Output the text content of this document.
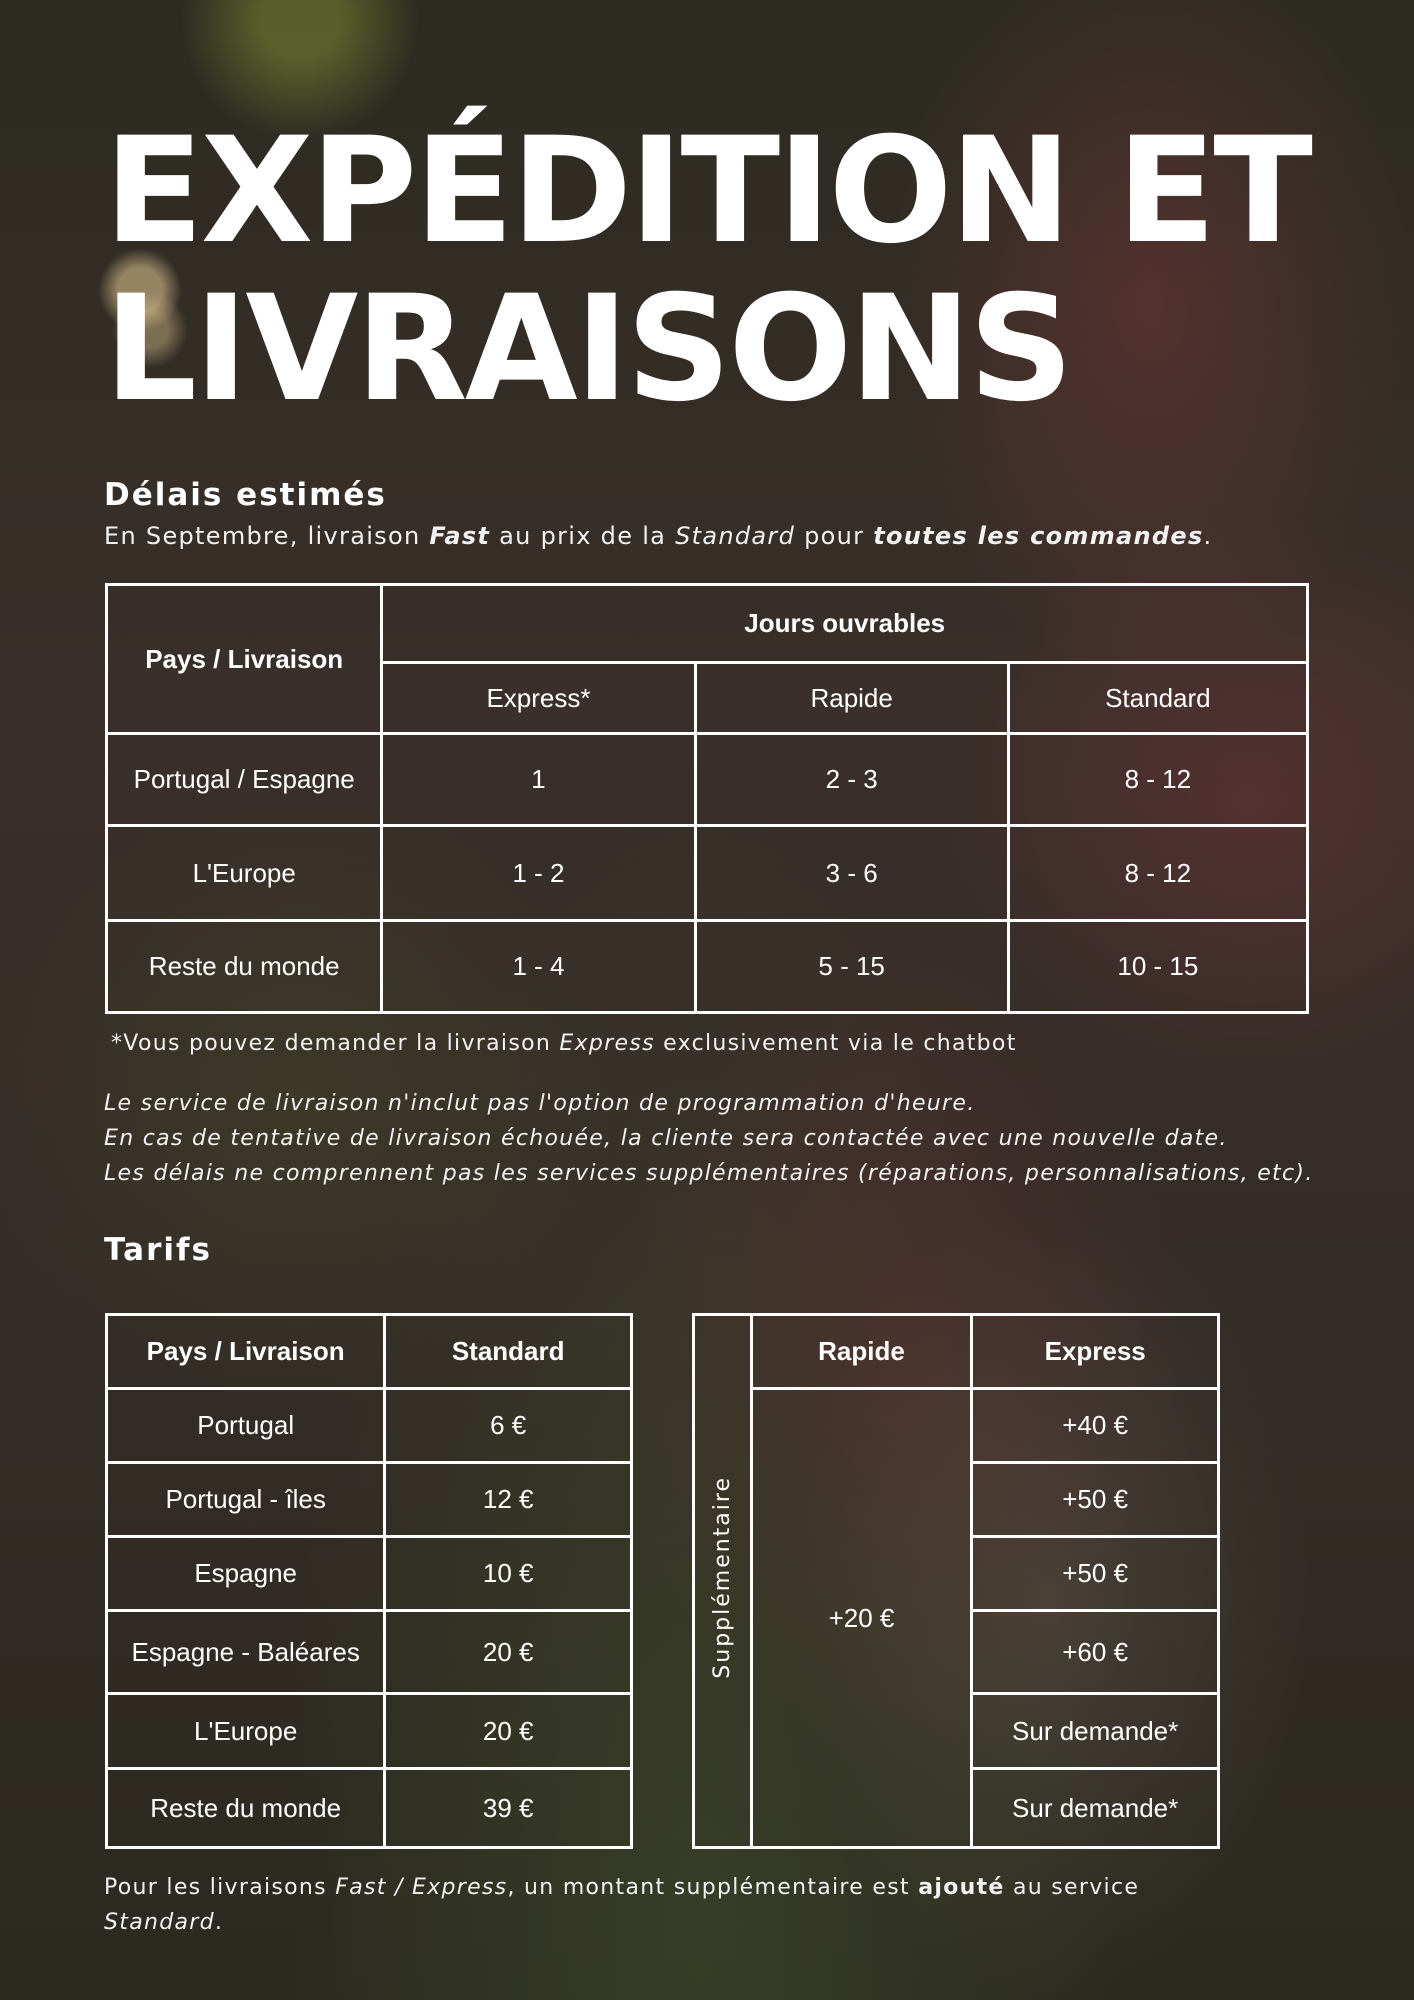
EXPÉDITION ET
LIVRAISONS
Délais estimés

En Septembre, livraison Fast au prix de la Standard pour toutes les commandes.

Pays / Livraison	Jours ouvrables		
	Express*	Rapide	Standard
Portugal / Espagne	1	2 - 3	8 - 12
L'Europe	1 - 2	3 - 6	8 - 12
Reste du monde	1 - 4	5 - 15	10 - 15

*Vous pouvez demander la livraison Express exclusivement via le chatbot

Le service de livraison n'inclut pas l'option de programmation d'heure.
En cas de tentative de livraison échouée, la cliente sera contactée avec une nouvelle date.
Les délais ne comprennent pas les services supplémentaires (réparations, personnalisations, etc).
Tarifs
Pays / Livraison	Standard
Portugal	6 €
Portugal - îles	12 €
Espagne	10 €
Espagne - Baléares	20 €
L'Europe	20 €
Reste du monde	39 €
Supplémentaire	Rapide	Express
	+20 €	+40 €
		+50 €
		+50 €
		+60 €
		Sur demande*
		Sur demande*

Pour les livraisons Fast / Express, un montant supplémentaire est ajouté au service
Standard.
